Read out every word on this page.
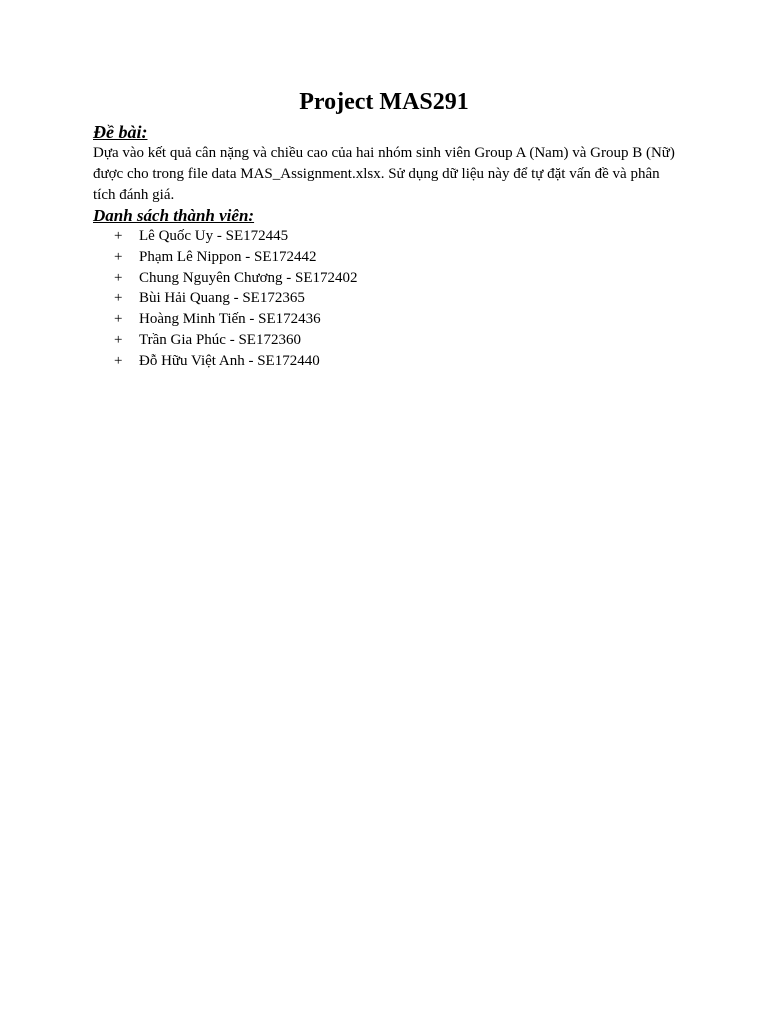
Project MAS291
Đề bài:

Dựa vào kết quả cân nặng và chiều cao của hai nhóm sinh viên Group A (Nam) và Group B (Nữ) được cho trong file data MAS_Assignment.xlsx. Sử dụng dữ liệu này để tự đặt vấn đề và phân tích đánh giá.

Danh sách thành viên:
+ Lê Quốc Uy - SE172445
+ Phạm Lê Nippon - SE172442
+ Chung Nguyên Chương - SE172402
+ Bùi Hải Quang - SE172365
+ Hoàng Minh Tiến - SE172436
+ Trần Gia Phúc - SE172360
+ Đỗ Hữu Việt Anh - SE172440
